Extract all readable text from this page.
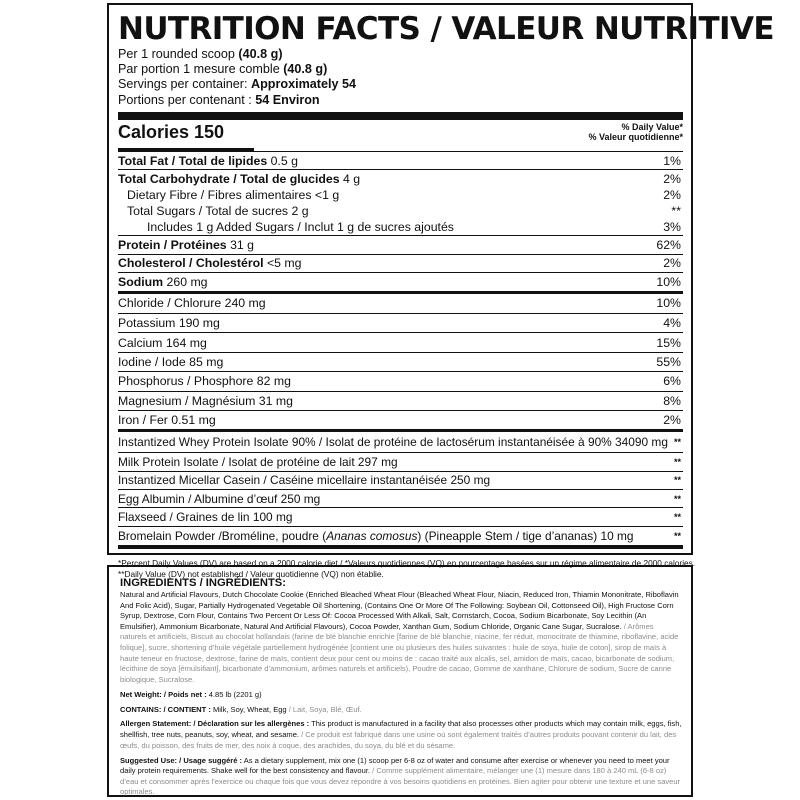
NUTRITION FACTS / VALEUR NUTRITIVE
Per 1 rounded scoop (40.8 g)
Par portion 1 mesure comble (40.8 g)
Servings per container: Approximately 54
Portions per contenant : 54 Environ
Calories 150	% Daily Value*
% Valeur quotidienne*
Total Fat / Total de lipides 0.5 g	1%
Total Carbohydrate / Total de glucides 4 g	2%
Dietary Fibre / Fibres alimentaires <1 g	2%
Total Sugars / Total de sucres 2 g	**
Includes 1 g Added Sugars / Inclut 1 g de sucres ajoutés	3%
Protein / Protéines 31 g	62%
Cholesterol / Cholestérol <5 mg	2%
Sodium 260 mg	10%
Chloride / Chlorure 240 mg	10%
Potassium 190 mg	4%
Calcium 164 mg	15%
Iodine / Iode 85 mg	55%
Phosphorus / Phosphore 82 mg	6%
Magnesium / Magnésium 31 mg	8%
Iron / Fer 0.51 mg	2%
Instantized Whey Protein Isolate 90% / Isolat de protéine de lactosérum instantanéisée à 90% 34090 mg **
Milk Protein Isolate / Isolat de protéine de lait 297 mg	**
Instantized Micellar Casein / Caséine micellaire instantanéisée 250 mg	**
Egg Albumin / Albumine d’œuf 250 mg	**
Flaxseed / Graines de lin 100 mg	**
Bromelain Powder /Broméline, poudre (Ananas comosus) (Pineapple Stem / tige d’ananas) 10 mg	**
*Percent Daily Values (DV) are based on a 2000 calorie diet / *Valeurs quotidiennes (VQ) en pourcentage basées sur un régime alimentaire de 2000 calories.
**Daily Value (DV) not established / Valeur quotidienne (VQ) non établie.
INGREDIENTS / INGRÉDIENTS:

Natural and Artificial Flavours, Dutch Chocolate Cookie (Enriched Bleached Wheat Flour (Bleached Wheat Flour, Niacin, Reduced Iron, Thiamin Mononitrate, Riboflavin And Folic Acid), Sugar, Partially Hydrogenated Vegetable Oil Shortening, (Contains One Or More Of The Following: Soybean Oil, Cottonseed Oil), High Fructose Corn Syrup, Dextrose, Corn Flour, Contains Two Percent Or Less Of: Cocoa Processed With Alkali, Salt, Cornstarch, Cocoa, Sodium Bicarbonate, Soy Lecithin (An Emulsifier), Ammonium Bicarbonate, Natural And Artificial Flavours), Cocoa Powder, Xanthan Gum, Sodium Chloride, Organic Cane Sugar, Sucralose. / Arômes naturels et artificiels, Biscuit au chocolat hollandais (farine de blé blanchie enrichie [farine de blé blanchie, niacine, fer réduit, monocitrate de thiamine, riboflavine, acide folique], sucre, shortening d’huile végétale partiellement hydrogénée [contient une ou plusieurs des huiles suivantes : huile de soya, huile de coton], sirop de maïs à haute teneur en fructose, dextrose, farine de maïs, contient deux pour cent ou moins de : cacao traité aux alcalis, sel, amidon de maïs, cacao, bicarbonate de sodium, lécithine de soya [émulsifiant], bicarbonate d’ammonium, arômes naturels et artificiels), Poudre de cacao, Gomme de xanthane, Chlorure de sodium, Sucre de canne biologique, Sucralose.

Net Weight: / Poids net : 4.85 lb (2201 g)

CONTAINS: / CONTIENT : Milk, Soy, Wheat, Egg / Lait, Soya, Blé, Œuf.

Allergen Statement: / Déclaration sur les allergènes : This product is manufactured in a facility that also processes other products which may contain milk, eggs, fish, shellfish, tree nuts, peanuts, soy, wheat, and sesame. / Ce produit est fabriqué dans une usine où sont également traités d’autres produits pouvant contenir du lait, des œufs, du poisson, des fruits de mer, des noix à coque, des arachides, du soya, du blé et du sésame.

Suggested Use: / Usage suggéré : As a dietary supplement, mix one (1) scoop per 6-8 oz of water and consume after exercise or whenever you need to meet your daily protein requirements. Shake well for the best consistency and flavour. / Comme supplément alimentaire, mélanger une (1) mesure dans 180 à 240 mL (6-8 oz) d’eau et consommer après l’exercice ou chaque fois que vous devez répondre à vos besoins quotidiens en protéines. Bien agiter pour obtenir une texture et une saveur optimales.
